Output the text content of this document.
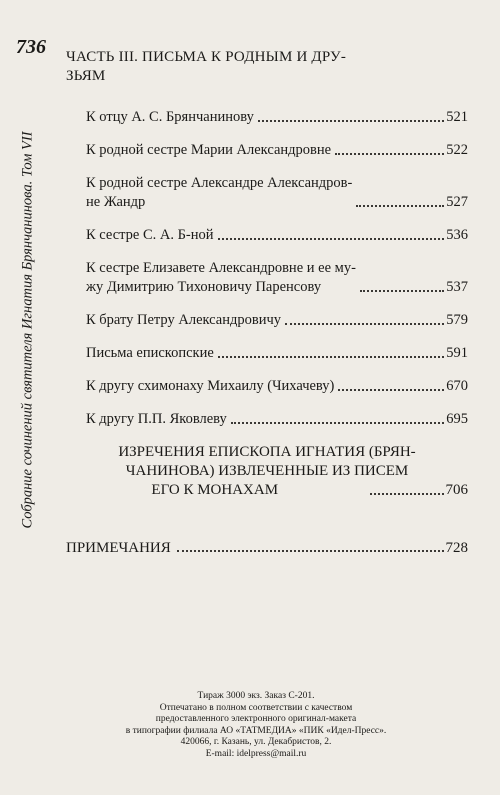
736
Собрание сочинений святителя Игнатия Брянчанинова. Том VII
ЧАСТЬ III. ПИСЬМА К РОДНЫМ И ДРУ-
ЗЬЯМ
К отцу А. С. Брянчанинову	521
К родной сестре Марии Александровне	522
К родной сестре Александре Александров-
не Жандр	527
К сестре С. А. Б-ной	536
К сестре Елизавете Александровне и ее му-
жу Димитрию Тихоновичу Паренсову	537
К брату Петру Александровичу	579
Письма епископские	591
К другу схимонаху Михаилу (Чихачеву)	670
К другу П.П. Яковлеву	695
ИЗРЕЧЕНИЯ ЕПИСКОПА ИГНАТИЯ (БРЯН-
ЧАНИНОВА) ИЗВЛЕЧЕННЫЕ ИЗ ПИСЕМ
ЕГО К МОНАХАМ	706
ПРИМЕЧАНИЯ	728
Тираж 3000 экз. Заказ С-201.
Отпечатано в полном соответствии с качеством
предоставленного электронного оригинал-макета
в типографии филиала АО «ТАТМЕДИА» «ПИК «Идел-Пресс».
420066, г. Казань, ул. Декабристов, 2.
E-mail: idelpress@mail.ru
